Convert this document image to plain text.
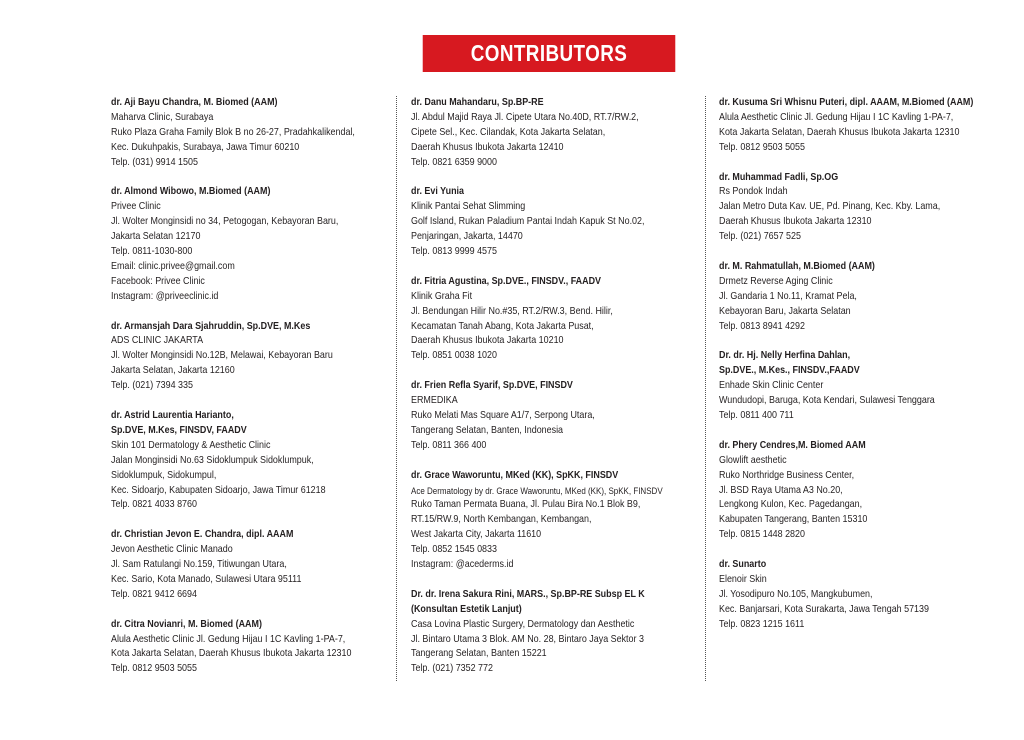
CONTRIBUTORS
dr. Aji Bayu Chandra, M. Biomed (AAM)
Maharva Clinic, Surabaya
Ruko Plaza Graha Family Blok B no 26-27, Pradahkalikendal,
Kec. Dukuhpakis, Surabaya, Jawa Timur 60210
Telp. (031) 9914 1505
dr. Almond Wibowo, M.Biomed (AAM)
Privee Clinic
Jl. Wolter Monginsidi no 34, Petogogan, Kebayoran Baru,
Jakarta Selatan 12170
Telp. 0811-1030-800
Email: clinic.privee@gmail.com
Facebook: Privee Clinic
Instagram: @priveeclinic.id
dr. Armansjah Dara Sjahruddin, Sp.DVE, M.Kes
ADS CLINIC JAKARTA
Jl. Wolter Monginsidi No.12B, Melawai, Kebayoran Baru
Jakarta Selatan, Jakarta 12160
Telp. (021) 7394 335
dr. Astrid Laurentia Harianto,
Sp.DVE, M.Kes, FINSDV, FAADV
Skin 101 Dermatology & Aesthetic Clinic
Jalan Monginsidi No.63 Sidoklumpuk Sidoklumpuk,
Sidoklumpuk, Sidokumpul,
Kec. Sidoarjo, Kabupaten Sidoarjo, Jawa Timur 61218
Telp. 0821 4033 8760
dr. Christian Jevon E. Chandra, dipl. AAAM
Jevon Aesthetic Clinic Manado
Jl. Sam Ratulangi No.159, Titiwungan Utara,
Kec. Sario, Kota Manado, Sulawesi Utara 95111
Telp. 0821 9412 6694
dr. Citra Novianri, M. Biomed (AAM)
Alula Aesthetic Clinic Jl. Gedung Hijau I 1C Kavling 1-PA-7,
Kota Jakarta Selatan, Daerah Khusus Ibukota Jakarta 12310
Telp. 0812 9503 5055
dr. Danu Mahandaru, Sp.BP-RE
Jl. Abdul Majid Raya Jl. Cipete Utara No.40D, RT.7/RW.2,
Cipete Sel., Kec. Cilandak, Kota Jakarta Selatan,
Daerah Khusus Ibukota Jakarta 12410
Telp. 0821 6359 9000
dr. Evi Yunia
Klinik Pantai Sehat Slimming
Golf Island, Rukan Paladium Pantai Indah Kapuk St No.02,
Penjaringan, Jakarta, 14470
Telp. 0813 9999 4575
dr. Fitria Agustina, Sp.DVE., FINSDV., FAADV
Klinik Graha Fit
Jl. Bendungan Hilir No.#35, RT.2/RW.3, Bend. Hilir,
Kecamatan Tanah Abang, Kota Jakarta Pusat,
Daerah Khusus Ibukota Jakarta 10210
Telp. 0851 0038 1020
dr. Frien Refla Syarif, Sp.DVE, FINSDV
ERMEDIKA
Ruko Melati Mas Square A1/7, Serpong Utara,
Tangerang Selatan, Banten, Indonesia
Telp. 0811 366 400
dr. Grace Waworuntu, MKed (KK), SpKK, FINSDV
Ace Dermatology by dr. Grace Waworuntu, MKed (KK), SpKK, FINSDV
Ruko Taman Permata Buana, Jl. Pulau Bira No.1 Blok B9,
RT.15/RW.9, North Kembangan, Kembangan,
West Jakarta City, Jakarta 11610
Telp. 0852 1545 0833
Instagram: @acederms.id
Dr. dr. Irena Sakura Rini, MARS., Sp.BP-RE Subsp EL K
(Konsultan Estetik Lanjut)
Casa Lovina Plastic Surgery, Dermatology dan Aesthetic
Jl. Bintaro Utama 3 Blok. AM No. 28, Bintaro Jaya Sektor 3
Tangerang Selatan, Banten 15221
Telp. (021) 7352 772
dr. Kusuma Sri Whisnu Puteri, dipl. AAAM, M.Biomed (AAM)
Alula Aesthetic Clinic Jl. Gedung Hijau I 1C Kavling 1-PA-7,
Kota Jakarta Selatan, Daerah Khusus Ibukota Jakarta 12310
Telp. 0812 9503 5055
dr. Muhammad Fadli, Sp.OG
Rs Pondok Indah
Jalan Metro Duta Kav. UE, Pd. Pinang, Kec. Kby. Lama,
Daerah Khusus Ibukota Jakarta 12310
Telp. (021) 7657 525
dr. M. Rahmatullah, M.Biomed (AAM)
Drmetz Reverse Aging Clinic
Jl. Gandaria 1 No.11, Kramat Pela,
Kebayoran Baru, Jakarta Selatan
Telp. 0813 8941 4292
Dr. dr. Hj. Nelly Herfina Dahlan,
Sp.DVE., M.Kes., FINSDV.,FAADV
Enhade Skin Clinic Center
Wundudopi, Baruga, Kota Kendari, Sulawesi Tenggara
Telp. 0811 400 711
dr. Phery Cendres,M. Biomed AAM
Glowlift aesthetic
Ruko Northridge Business Center,
Jl. BSD Raya Utama A3 No.20,
Lengkong Kulon, Kec. Pagedangan,
Kabupaten Tangerang, Banten 15310
Telp. 0815 1448 2820
dr. Sunarto
Elenoir Skin
Jl. Yosodipuro No.105, Mangkubumen,
Kec. Banjarsari, Kota Surakarta, Jawa Tengah 57139
Telp. 0823 1215 1611
